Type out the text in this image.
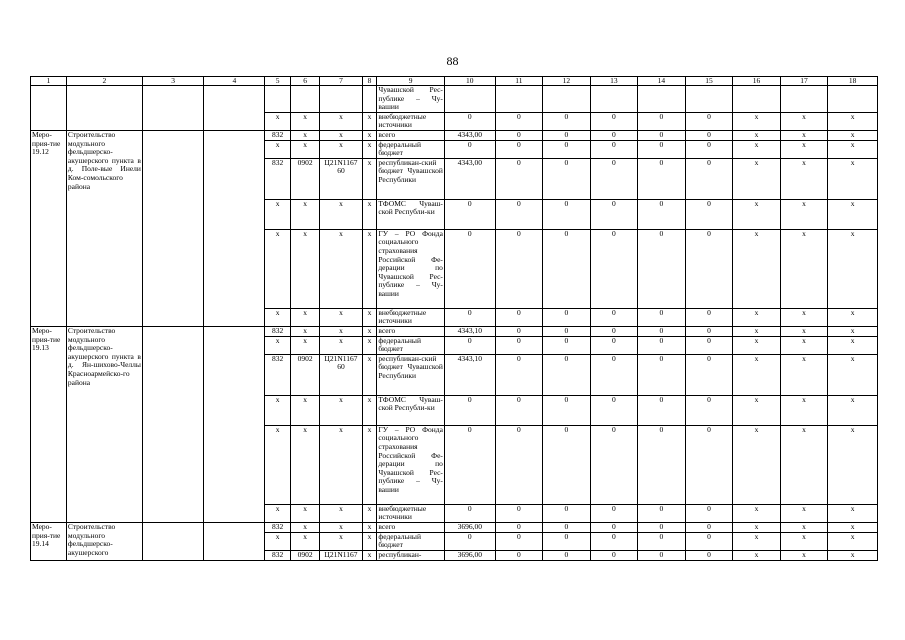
88
1	2	3	4	5	6	7	8	9	10	11	12	13	14	15	16	17	18
								Чувашской Рес-публике – Чу-вашии									
				х	х	х	х	внебюджетные источники	0	0	0	0	0	0	х	х	х
Меро-прия-тие 19.12	Строительство модульного фельдшерско-акушерского пункта в д. Поле-вые Инели Ком-сомольского района			832	х	х	х	всего	4343,00	0	0	0	0	0	х	х	х
				х	х	х	х	федеральный бюджет	0	0	0	0	0	0	х	х	х
				832	0902	Ц21N1167 60	х	республикан-ский бюджет Чувашской Республики	4343,00	0	0	0	0	0	х	х	х
				х	х	х	х	ТФОМС Чуваш-ской Республи-ки	0	0	0	0	0	0	х	х	х
				х	х	х	х	ГУ – РО Фонда социального страхования Российской Фе-дерации по Чувашской Рес-публике – Чу-вашии	0	0	0	0	0	0	х	х	х
				х	х	х	х	внебюджетные источники	0	0	0	0	0	0	х	х	х
Меро-прия-тие 19.13	Строительство модульного фельдшерско-акушерского пункта в д. Ян-шихово-Челлы Красноармейско-го района			832	х	х	х	всего	4343,10	0	0	0	0	0	х	х	х
				х	х	х	х	федеральный бюджет	0	0	0	0	0	0	х	х	х
				832	0902	Ц21N1167 60	х	республикан-ский бюджет Чувашской Республики	4343,10	0	0	0	0	0	х	х	х
				х	х	х	х	ТФОМС Чуваш-ской Республи-ки	0	0	0	0	0	0	х	х	х
				х	х	х	х	ГУ – РО Фонда социального страхования Российской Фе-дерации по Чувашской Рес-публике – Чу-вашии	0	0	0	0	0	0	х	х	х
				х	х	х	х	внебюджетные источники	0	0	0	0	0	0	х	х	х
Меро-прия-тие 19.14	Строительство модульного фельдшерско-акушерского			832	х	х	х	всего	3696,00	0	0	0	0	0	х	х	х
				х	х	х	х	федеральный бюджет	0	0	0	0	0	0	х	х	х
				832	0902	Ц21N1167	х	республикан-	3696,00	0	0	0	0	0	х	х	х
